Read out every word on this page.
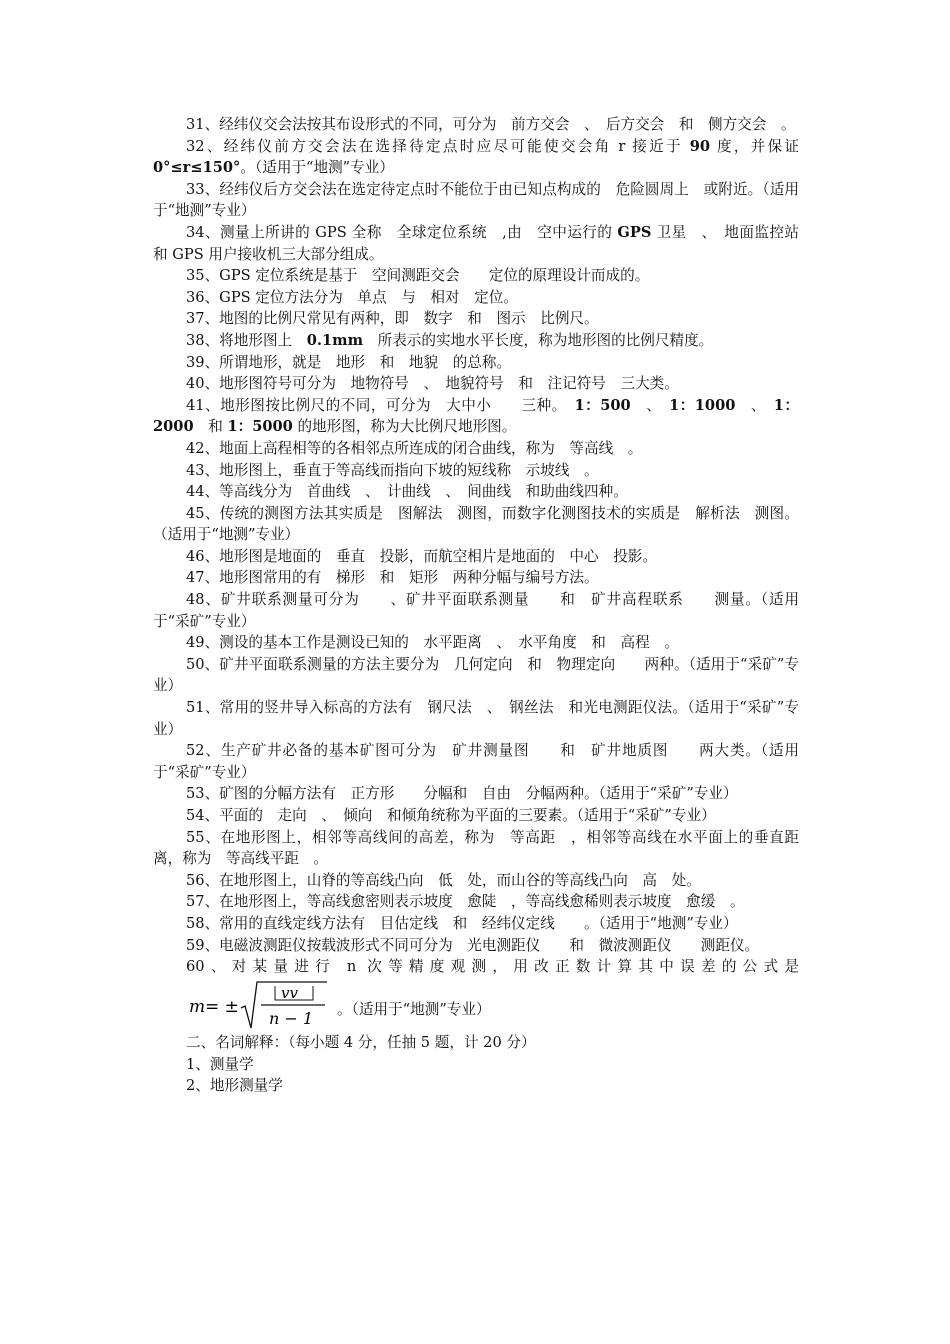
31、经纬仪交会法按其布设形式的不同，可分为　前方交会　、　后方交会　和　侧方交会　。

32、经纬仪前方交会法在选择待定点时应尽可能使交会角 r 接近于 90 度，并保证 0°≤r≤150°。（适用于“地测”专业）

33、经纬仪后方交会法在选定待定点时不能位于由已知点构成的　危险圆周上　或附近。（适用于“地测”专业）

34、测量上所讲的 GPS 全称　全球定位系统　,由　空中运行的 GPS 卫星　、　地面监控站　和 GPS 用户接收机三大部分组成。

35、GPS 定位系统是基于　空间测距交会　　定位的原理设计而成的。

36、GPS 定位方法分为　单点　与　相对　定位。

37、地图的比例尺常见有两种，即　数字　和　图示　比例尺。

38、将地形图上　0.1mm　所表示的实地水平长度，称为地形图的比例尺精度。

39、所谓地形，就是　地形　和　地貌　的总称。

40、地形图符号可分为　地物符号　、　地貌符号　和　注记符号　三大类。

41、地形图按比例尺的不同，可分为　大中小　　三种。　1：500　、　1：1000　、　1：2000　和 1：5000 的地形图，称为大比例尺地形图。

42、地面上高程相等的各相邻点所连成的闭合曲线，称为　等高线　。

43、地形图上，垂直于等高线而指向下坡的短线称　示坡线　。

44、等高线分为　首曲线　、　计曲线　、　间曲线　和助曲线四种。

45、传统的测图方法其实质是　图解法　测图，而数字化测图技术的实质是　解析法　测图。（适用于“地测”专业）

46、地形图是地面的　垂直　投影，而航空相片是地面的　中心　投影。

47、地形图常用的有　梯形　和　矩形　两种分幅与编号方法。

48、矿井联系测量可分为　　、矿井平面联系测量　　和　矿井高程联系　　测量。（适用于“采矿”专业）

49、测设的基本工作是测设已知的　水平距离　、　水平角度　和　高程　。

50、矿井平面联系测量的方法主要分为　几何定向　和　物理定向　　两种。（适用于“采矿”专业）

51、常用的竖井导入标高的方法有　钢尺法　、　钢丝法　和光电测距仪法。（适用于“采矿”专业）

52、生产矿井必备的基本矿图可分为　矿井测量图　　和　矿井地质图　　两大类。（适用于“采矿”专业）

53、矿图的分幅方法有　正方形　　分幅和　自由　分幅两种。（适用于“采矿”专业）

54、平面的　走向　、　倾向　和倾角统称为平面的三要素。（适用于“采矿”专业）

55、在地形图上，相邻等高线间的高差，称为　等高距　，相邻等高线在水平面上的垂直距离，称为　等高线平距　。

56、在地形图上，山脊的等高线凸向　低　处，而山谷的等高线凸向　高　处。

57、在地形图上，等高线愈密则表示坡度　愈陡　，等高线愈稀则表示坡度　愈缓　。

58、常用的直线定线方法有　目估定线　和　经纬仪定线　　。（适用于“地测”专业）

59、电磁波测距仪按载波形式不同可分为　光电测距仪　　和　微波测距仪　　测距仪。

60、对某量进行 n 次等精度观测，用改正数计算其中误差的公式是
m = ±
vv
n − 1 。（适用于“地测”专业）

二、名词解释：（每小题 4 分，任抽 5 题，计 20 分）

1、测量学

2、地形测量学
